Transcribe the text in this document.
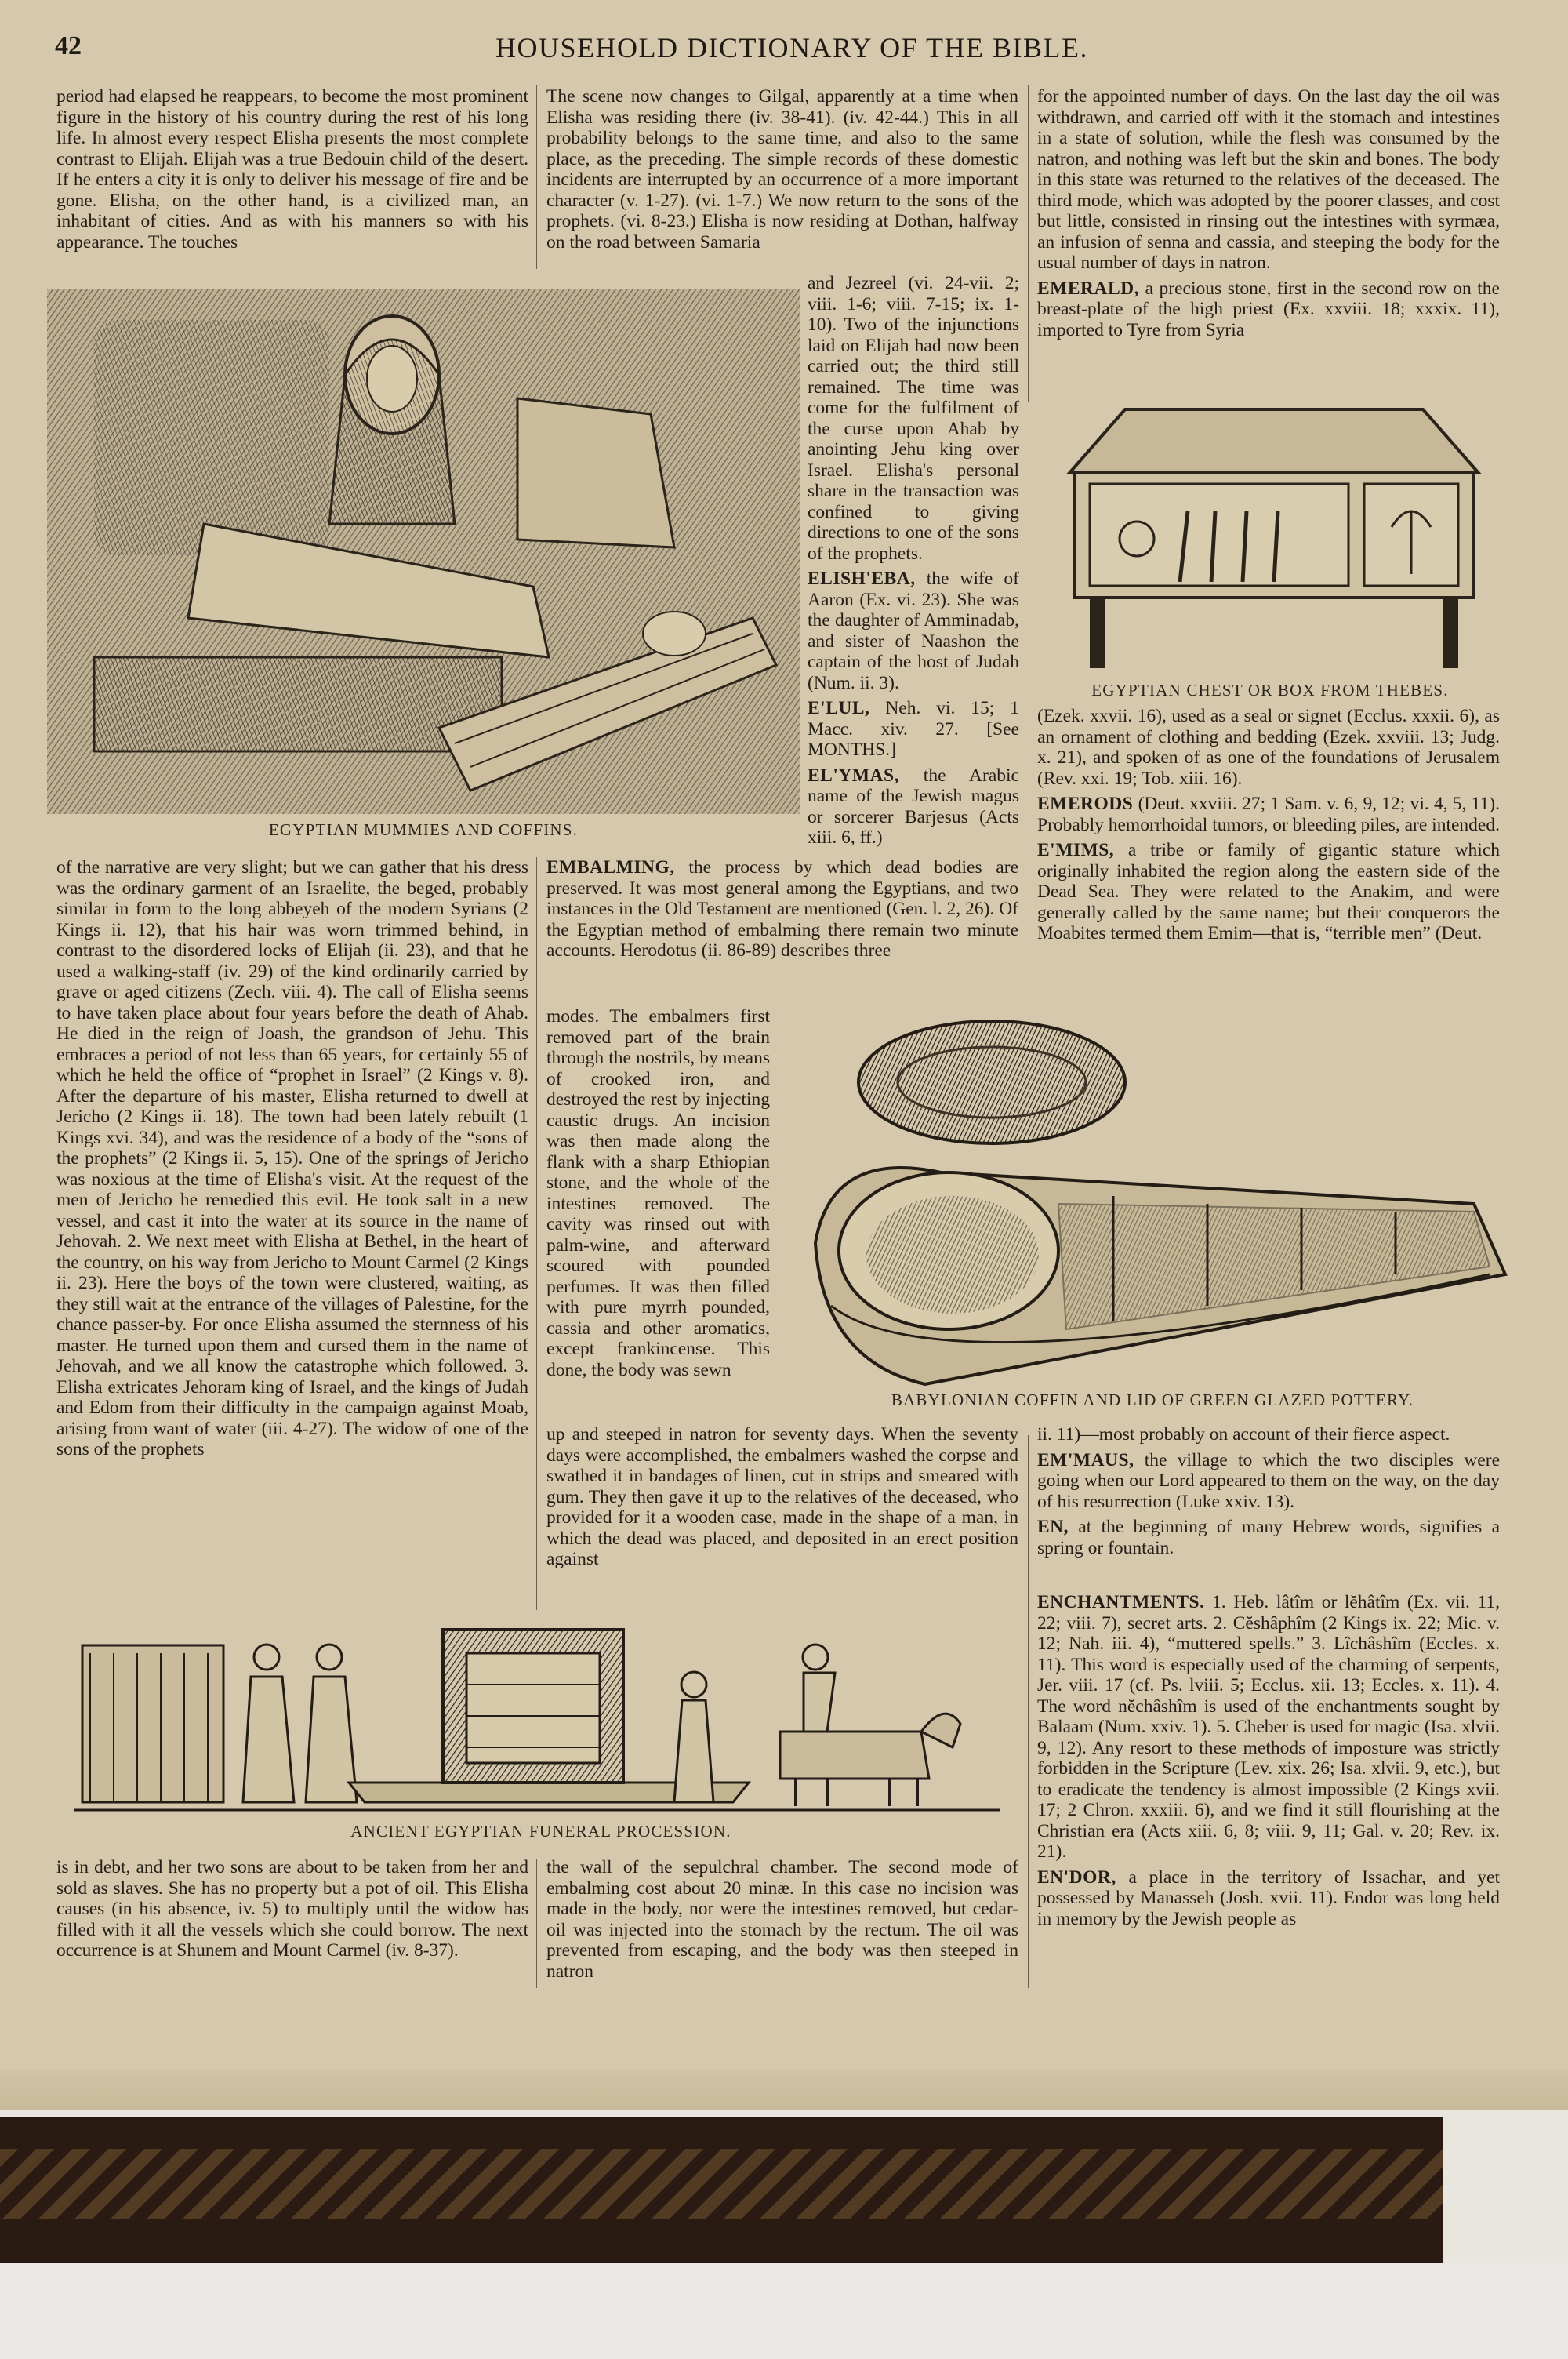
42	HOUSEHOLD DICTIONARY OF THE BIBLE.

period had elapsed he reappears, to become the most prominent figure in the history of his country during the rest of his long life. In almost every respect Elisha presents the most complete contrast to Elijah. Elijah was a true Bedouin child of the desert. If he enters a city it is only to deliver his message of fire and be gone. Elisha, on the other hand, is a civilized man, an inhabitant of cities. And as with his manners so with his appearance. The touches

The scene now changes to Gilgal, apparently at a time when Elisha was residing there (iv. 38-41). (iv. 42-44.) This in all probability belongs to the same time, and also to the same place, as the preceding. The simple records of these domestic incidents are interrupted by an occurrence of a more important character (v. 1-27). (vi. 1-7.) We now return to the sons of the prophets. (vi. 8-23.) Elisha is now residing at Dothan, halfway on the road between Samaria

for the appointed number of days. On the last day the oil was withdrawn, and carried off with it the stomach and intestines in a state of solution, while the flesh was consumed by the natron, and nothing was left but the skin and bones. The body in this state was returned to the relatives of the deceased. The third mode, which was adopted by the poorer classes, and cost but little, consisted in rinsing out the intestines with syrmæa, an infusion of senna and cassia, and steeping the body for the usual number of days in natron.

EMERALD, a precious stone, first in the second row on the breast-plate of the high priest (Ex. xxviii. 18; xxxix. 11), imported to Tyre from Syria

EGYPTIAN MUMMIES AND COFFINS.

and Jezreel (vi. 24-vii. 2; viii. 1-6; viii. 7-15; ix. 1-10). Two of the injunctions laid on Elijah had now been carried out; the third still remained. The time was come for the fulfilment of the curse upon Ahab by anointing Jehu king over Israel. Elisha's personal share in the transaction was confined to giving directions to one of the sons of the prophets.

ELISH'EBA, the wife of Aaron (Ex. vi. 23). She was the daughter of Amminadab, and sister of Naashon the captain of the host of Judah (Num. ii. 3).

E'LUL, Neh. vi. 15; 1 Macc. xiv. 27. [See MONTHS.]

EL'YMAS, the Arabic name of the Jewish magus or sorcerer Barjesus (Acts xiii. 6, ff.)

EGYPTIAN CHEST OR BOX FROM THEBES.

(Ezek. xxvii. 16), used as a seal or signet (Ecclus. xxxii. 6), as an ornament of clothing and bedding (Ezek. xxviii. 13; Judg. x. 21), and spoken of as one of the foundations of Jerusalem (Rev. xxi. 19; Tob. xiii. 16).

EMERODS (Deut. xxviii. 27; 1 Sam. v. 6, 9, 12; vi. 4, 5, 11). Probably hemorrhoidal tumors, or bleeding piles, are intended.

E'MIMS, a tribe or family of gigantic stature which originally inhabited the region along the eastern side of the Dead Sea. They were related to the Anakim, and were generally called by the same name; but their conquerors the Moabites termed them Emim—that is, “terrible men” (Deut.

of the narrative are very slight; but we can gather that his dress was the ordinary garment of an Israelite, the beged, probably similar in form to the long abbeyeh of the modern Syrians (2 Kings ii. 12), that his hair was worn trimmed behind, in contrast to the disordered locks of Elijah (ii. 23), and that he used a walking-staff (iv. 29) of the kind ordinarily carried by grave or aged citizens (Zech. viii. 4). The call of Elisha seems to have taken place about four years before the death of Ahab. He died in the reign of Joash, the grandson of Jehu. This embraces a period of not less than 65 years, for certainly 55 of which he held the office of “prophet in Israel” (2 Kings v. 8). After the departure of his master, Elisha returned to dwell at Jericho (2 Kings ii. 18). The town had been lately rebuilt (1 Kings xvi. 34), and was the residence of a body of the “sons of the prophets” (2 Kings ii. 5, 15). One of the springs of Jericho was noxious at the time of Elisha's visit. At the request of the men of Jericho he remedied this evil. He took salt in a new vessel, and cast it into the water at its source in the name of Jehovah. 2. We next meet with Elisha at Bethel, in the heart of the country, on his way from Jericho to Mount Carmel (2 Kings ii. 23). Here the boys of the town were clustered, waiting, as they still wait at the entrance of the villages of Palestine, for the chance passer-by. For once Elisha assumed the sternness of his master. He turned upon them and cursed them in the name of Jehovah, and we all know the catastrophe which followed. 3. Elisha extricates Jehoram king of Israel, and the kings of Judah and Edom from their difficulty in the campaign against Moab, arising from want of water (iii. 4-27). The widow of one of the sons of the prophets

EMBALMING, the process by which dead bodies are preserved. It was most general among the Egyptians, and two instances in the Old Testament are mentioned (Gen. l. 2, 26). Of the Egyptian method of embalming there remain two minute accounts. Herodotus (ii. 86-89) describes three

modes. The embalmers first removed part of the brain through the nostrils, by means of crooked iron, and destroyed the rest by injecting caustic drugs. An incision was then made along the flank with a sharp Ethiopian stone, and the whole of the intestines removed. The cavity was rinsed out with palm-wine, and afterward scoured with pounded perfumes. It was then filled with pure myrrh pounded, cassia and other aromatics, except frankincense. This done, the body was sewn

up and steeped in natron for seventy days. When the seventy days were accomplished, the embalmers washed the corpse and swathed it in bandages of linen, cut in strips and smeared with gum. They then gave it up to the relatives of the deceased, who provided for it a wooden case, made in the shape of a man, in which the dead was placed, and deposited in an erect position against

BABYLONIAN COFFIN AND LID OF GREEN GLAZED POTTERY.

ii. 11)—most probably on account of their fierce aspect.

EM'MAUS, the village to which the two disciples were going when our Lord appeared to them on the way, on the day of his resurrection (Luke xxiv. 13).

EN, at the beginning of many Hebrew words, signifies a spring or fountain.

ENCHANTMENTS. 1. Heb. lâtîm or lĕhâtîm (Ex. vii. 11, 22; viii. 7), secret arts. 2. Cĕshâphîm (2 Kings ix. 22; Mic. v. 12; Nah. iii. 4), “muttered spells.” 3. Lîchâshîm (Eccles. x. 11). This word is especially used of the charming of serpents, Jer. viii. 17 (cf. Ps. lviii. 5; Ecclus. xii. 13; Eccles. x. 11). 4. The word nĕchâshîm is used of the enchantments sought by Balaam (Num. xxiv. 1). 5. Cheber is used for magic (Isa. xlvii. 9, 12). Any resort to these methods of imposture was strictly forbidden in the Scripture (Lev. xix. 26; Isa. xlvii. 9, etc.), but to eradicate the tendency is almost impossible (2 Kings xvii. 17; 2 Chron. xxxiii. 6), and we find it still flourishing at the Christian era (Acts xiii. 6, 8; viii. 9, 11; Gal. v. 20; Rev. ix. 21).

EN'DOR, a place in the territory of Issachar, and yet possessed by Manasseh (Josh. xvii. 11). Endor was long held in memory by the Jewish people as

ANCIENT EGYPTIAN FUNERAL PROCESSION.

is in debt, and her two sons are about to be taken from her and sold as slaves. She has no property but a pot of oil. This Elisha causes (in his absence, iv. 5) to multiply until the widow has filled with it all the vessels which she could borrow. The next occurrence is at Shunem and Mount Carmel (iv. 8-37).

the wall of the sepulchral chamber. The second mode of embalming cost about 20 minæ. In this case no incision was made in the body, nor were the intestines removed, but cedar-oil was injected into the stomach by the rectum. The oil was prevented from escaping, and the body was then steeped in natron
